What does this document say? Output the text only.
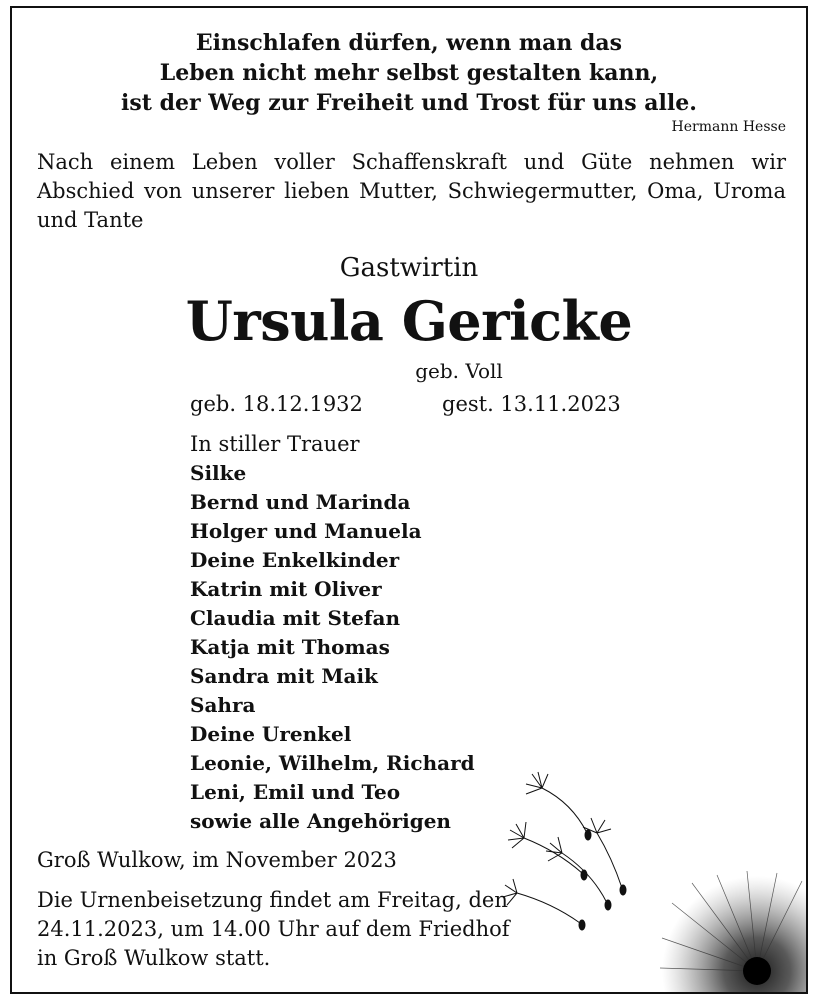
Einschlafen dürfen, wenn man das
Leben nicht mehr selbst gestalten kann,
ist der Weg zur Freiheit und Trost für uns alle.
Hermann Hesse
Nach einem Leben voller Schaffenskraft und Güte nehmen wir Abschied von unserer lieben Mutter, Schwiegermutter, Oma, Uroma und Tante
Gastwirtin
Ursula Gericke
geb. Voll
geb. 18.12.1932	gest. 13.11.2023
In stiller Trauer
Silke
Bernd und Marinda
Holger und Manuela
Deine Enkelkinder
Katrin mit Oliver
Claudia mit Stefan
Katja mit Thomas
Sandra mit Maik
Sahra
Deine Urenkel
Leonie, Wilhelm, Richard
Leni, Emil und Teo
sowie alle Angehörigen
Groß Wulkow, im November 2023
Die Urnenbeisetzung findet am Freitag, den
24.11.2023, um 14.00 Uhr auf dem Friedhof
in Groß Wulkow statt.
